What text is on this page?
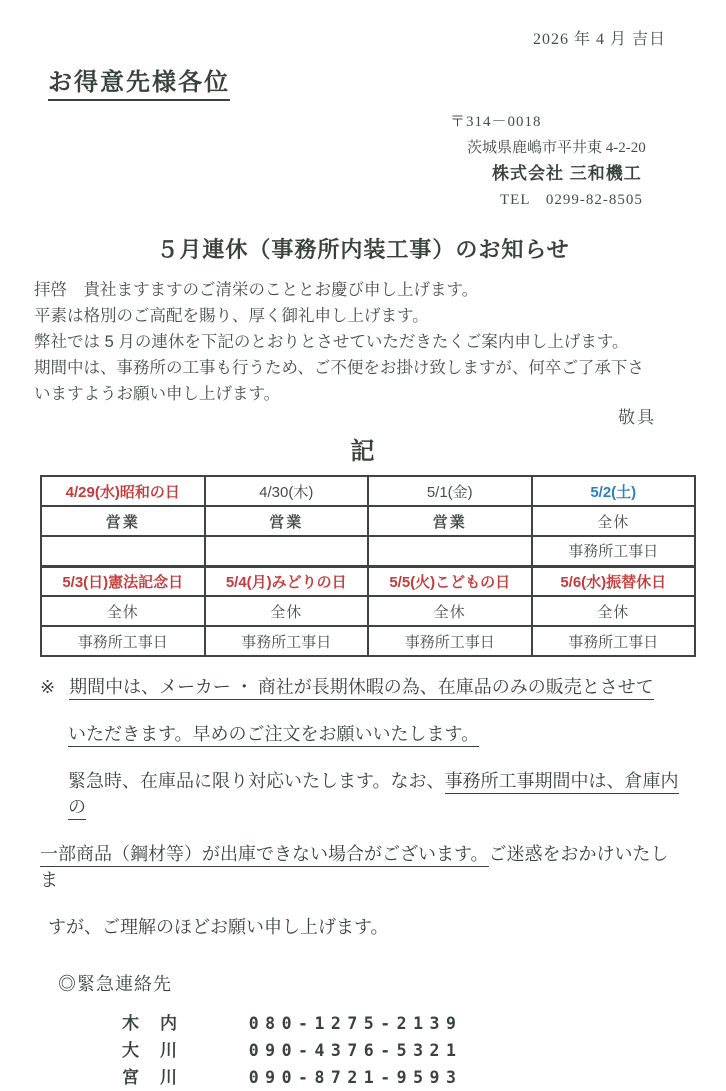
2026 年 4 月 吉日
お得意先様各位
〒314－0018
茨城県鹿嶋市平井東 4-2-20
株式会社 三和機工
TEL　0299-82-8505
５月連休（事務所内装工事）のお知らせ
拝啓　貴社ますますのご清栄のこととお慶び申し上げます。
平素は格別のご高配を賜り、厚く御礼申し上げます。
弊社では 5 月の連休を下記のとおりとさせていただきたくご案内申し上げます。
期間中は、事務所の工事も行うため、ご不便をお掛け致しますが、何卒ご了承下さ
いますようお願い申し上げます。
敬具
記
4/29(水)昭和の日	4/30(木)	5/1(金)	5/2(土)
営業	営業	営業	全休
			事務所工事日
5/3(日)憲法記念日	5/4(月)みどりの日	5/5(火)こどもの日	5/6(水)振替休日
全休	全休	全休	全休
事務所工事日	事務所工事日	事務所工事日	事務所工事日
※ 期間中は、メーカー ・ 商社が長期休暇の為、在庫品のみの販売とさせて
いただきます。早めのご注文をお願いいたします。
緊急時、在庫品に限り対応いたします。なお、事務所工事期間中は、倉庫内の
一部商品（鋼材等）が出庫できない場合がございます。ご迷惑をおかけいたしま
すが、ご理解のほどお願い申し上げます。
◎緊急連絡先
木　内	080-1275-2139
大　川	090-4376-5321
宮　川	090-8721-9593
